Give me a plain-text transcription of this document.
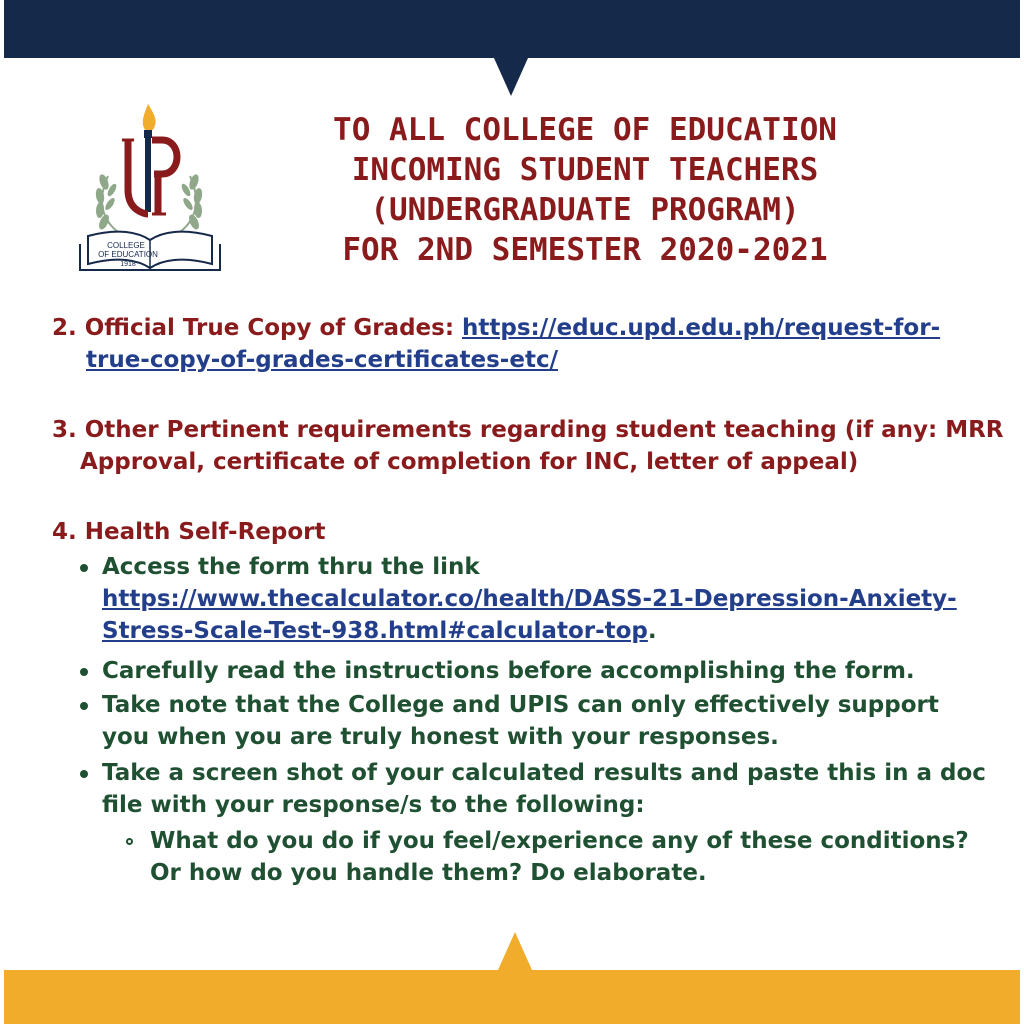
COLLEGE
OF EDUCATION
1918
TO ALL COLLEGE OF EDUCATION
INCOMING STUDENT TEACHERS
(UNDERGRADUATE PROGRAM)
FOR 2ND SEMESTER 2020-2021
2. Official True Copy of Grades: https://educ.upd.edu.ph/request-for-
true-copy-of-grades-certificates-etc/
3. Other Pertinent requirements regarding student teaching (if any: MRR
Approval, certificate of completion for INC, letter of appeal)
4. Health Self-Report
Access the form thru the link
https://www.thecalculator.co/health/DASS-21-Depression-Anxiety-
Stress-Scale-Test-938.html#calculator-top.
Carefully read the instructions before accomplishing the form.
Take note that the College and UPIS can only effectively support
you when you are truly honest with your responses.
Take a screen shot of your calculated results and paste this in a doc
file with your response/s to the following:
What do you do if you feel/experience any of these conditions?
Or how do you handle them? Do elaborate.
